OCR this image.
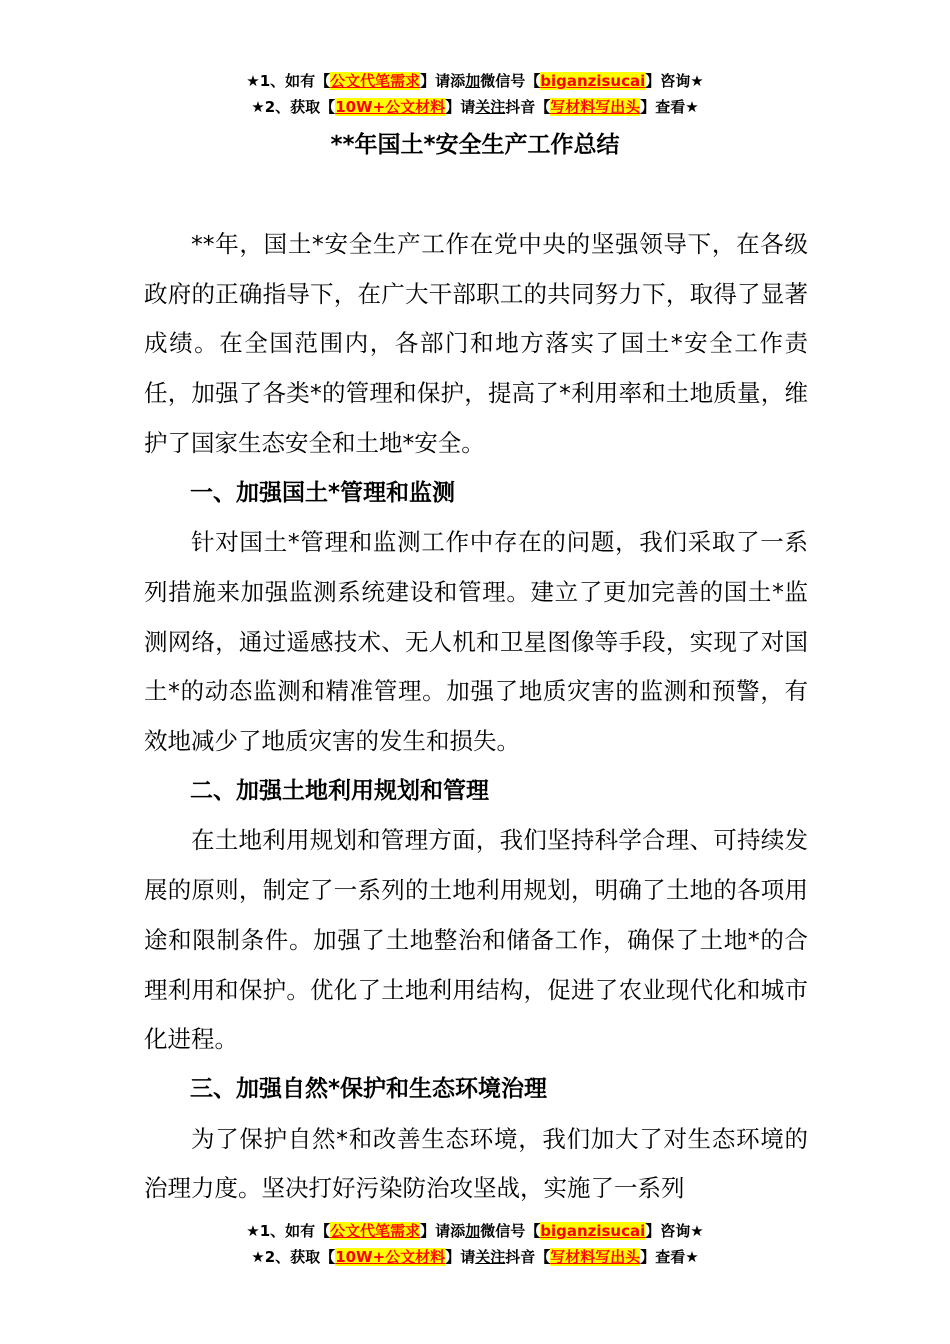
★1、如有【公文代笔需求】请添加微信号【biganzisucai】咨询★
★2、获取【10W+公文材料】请关注抖音【写材料写出头】查看★
**年国土*安全生产工作总结

**年，国土*安全生产工作在党中央的坚强领导下，在各级政府的正确指导下，在广大干部职工的共同努力下，取得了显著成绩。在全国范围内，各部门和地方落实了国土*安全工作责任，加强了各类*的管理和保护，提高了*利用率和土地质量，维护了国家生态安全和土地*安全。

一、加强国土*管理和监测

针对国土*管理和监测工作中存在的问题，我们采取了一系列措施来加强监测系统建设和管理。建立了更加完善的国土*监测网络，通过遥感技术、无人机和卫星图像等手段，实现了对国土*的动态监测和精准管理。加强了地质灾害的监测和预警，有效地减少了地质灾害的发生和损失。

二、加强土地利用规划和管理

在土地利用规划和管理方面，我们坚持科学合理、可持续发展的原则，制定了一系列的土地利用规划，明确了土地的各项用途和限制条件。加强了土地整治和储备工作，确保了土地*的合理利用和保护。优化了土地利用结构，促进了农业现代化和城市化进程。

三、加强自然*保护和生态环境治理

为了保护自然*和改善生态环境，我们加大了对生态环境的治理力度。坚决打好污染防治攻坚战，实施了一系列

★1、如有【公文代笔需求】请添加微信号【biganzisucai】咨询★
★2、获取【10W+公文材料】请关注抖音【写材料写出头】查看★
